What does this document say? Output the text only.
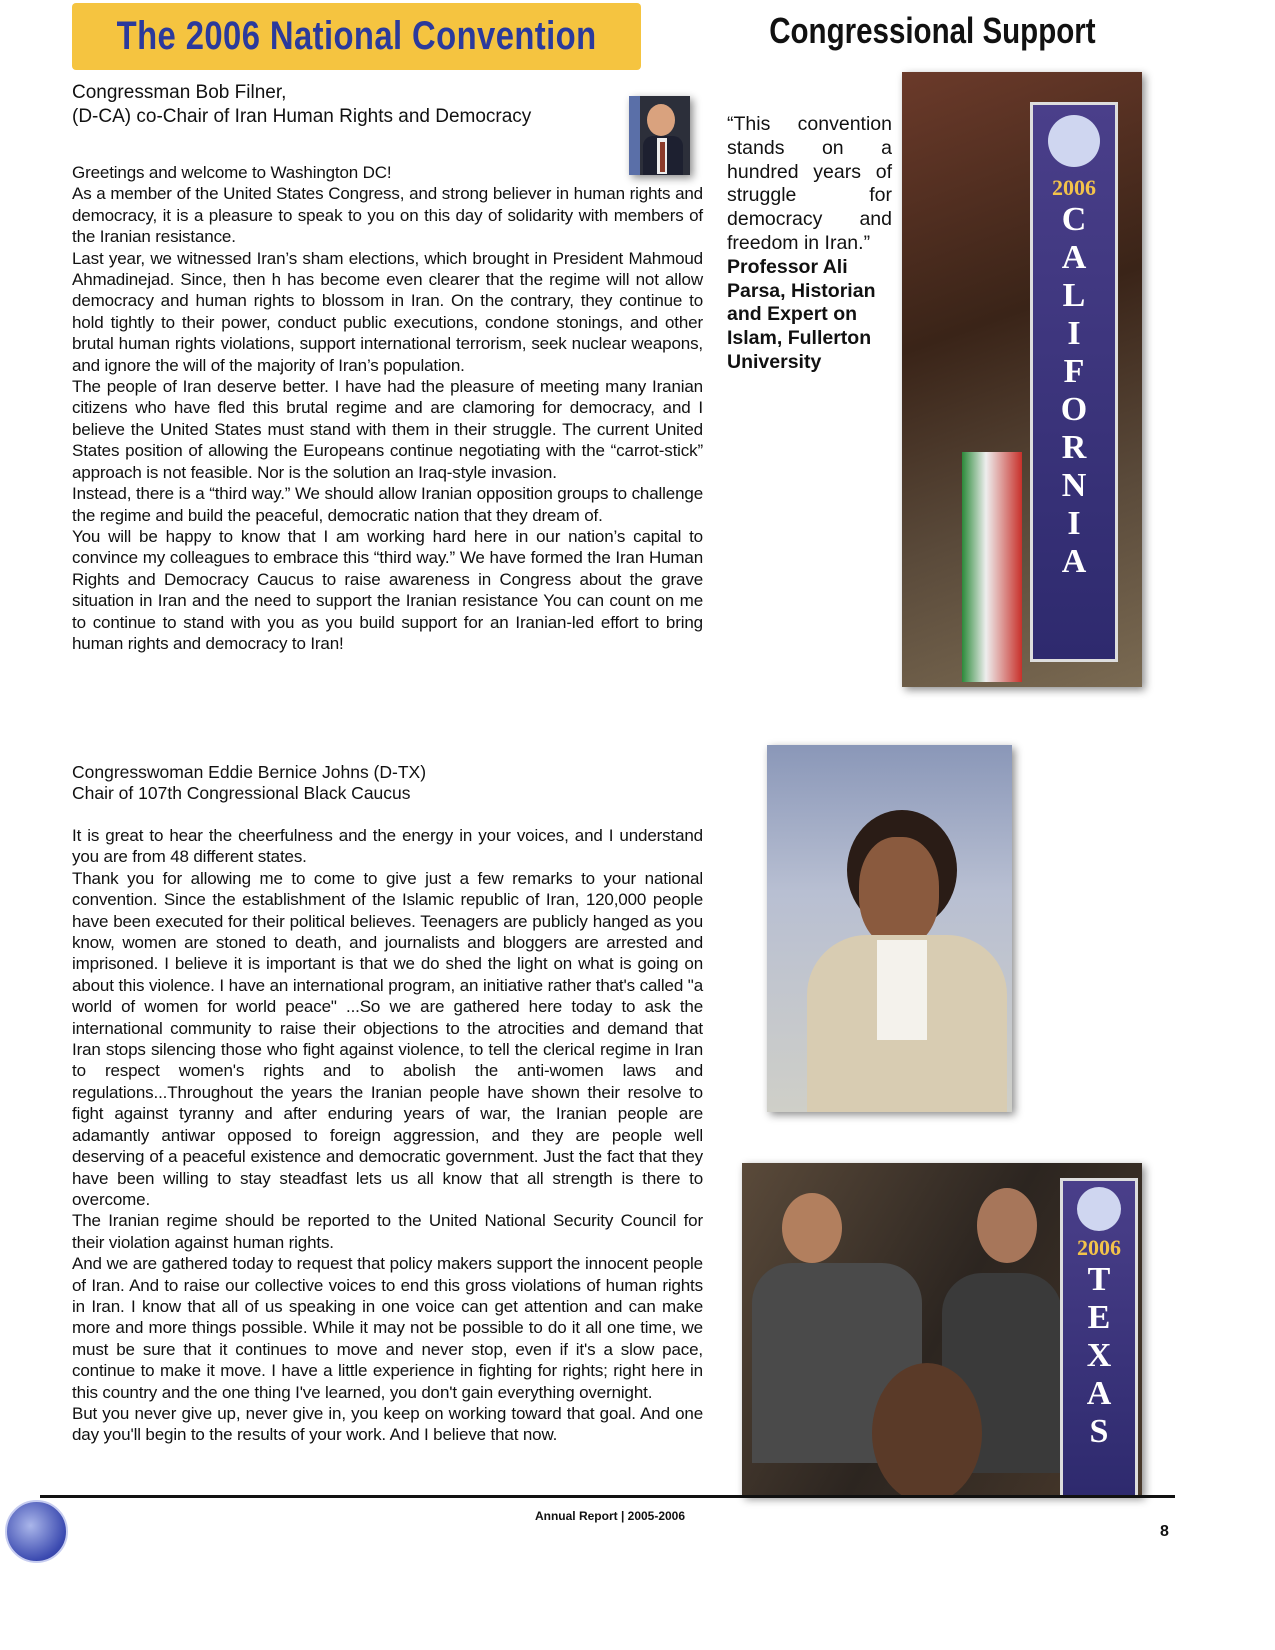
The 2006 National Convention	Congressional Support
Congressman Bob Filner,
(D-CA) co-Chair of Iran Human Rights and Democracy

Greetings and welcome to Washington DC!

As a member of the United States Congress, and strong believer in human rights and democracy, it is a pleasure to speak to you on this day of solidarity with members of the Iranian resistance.

Last year, we witnessed Iran’s sham elections, which brought in President Mahmoud Ahmadinejad. Since, then h has become even clearer that the regime will not allow democracy and human rights to blossom in Iran. On the contrary, they continue to hold tightly to their power, conduct public executions, condone stonings, and other brutal human rights violations, support international terrorism, seek nuclear weapons, and ignore the will of the majority of Iran’s population.

The people of Iran deserve better. I have had the pleasure of meeting many Iranian citizens who have fled this brutal regime and are clamoring for democracy, and I believe the United States must stand with them in their struggle. The current United States position of allowing the Europeans continue negotiating with the “carrot-stick” approach is not feasible. Nor is the solution an Iraq-style invasion.

Instead, there is a “third way.” We should allow Iranian opposition groups to challenge the regime and build the peaceful, democratic nation that they dream of.

You will be happy to know that I am working hard here in our nation’s capital to convince my colleagues to embrace this “third way.” We have formed the Iran Human Rights and Democracy Caucus to raise awareness in Congress about the grave situation in Iran and the need to support the Iranian resistance You can count on me to continue to stand with you as you build support for an Iranian-led effort to bring human rights and democracy to Iran!

“This convention stands on a hundred years of struggle for democracy and freedom in Iran.”
Professor Ali Parsa, Historian and Expert on Islam, Fullerton University
2006
C
A
L
I
F
O
R
N
I
A
Congresswoman Eddie Bernice Johns (D-TX)
Chair of 107th Congressional Black Caucus

It is great to hear the cheerfulness and the energy in your voices, and I understand you are from 48 different states.

Thank you for allowing me to come to give just a few remarks to your national convention. Since the establishment of the Islamic republic of Iran, 120,000 people have been executed for their political believes. Teenagers are publicly hanged as you know, women are stoned to death, and journalists and bloggers are arrested and imprisoned. I believe it is important is that we do shed the light on what is going on about this violence. I have an international program, an initiative rather that's called "a world of women for world peace" ...So we are gathered here today to ask the international community to raise their objections to the atrocities and demand that Iran stops silencing those who fight against violence, to tell the clerical regime in Iran to respect women's rights and to abolish the anti-women laws and regulations...Throughout the years the Iranian people have shown their resolve to fight against tyranny and after enduring years of war, the Iranian people are adamantly antiwar opposed to foreign aggression, and they are people well deserving of a peaceful existence and democratic government. Just the fact that they have been willing to stay steadfast lets us all know that all strength is there to overcome.

The Iranian regime should be reported to the United National Security Council for their violation against human rights.

And we are gathered today to request that policy makers support the innocent people of Iran. And to raise our collective voices to end this gross violations of human rights in Iran. I know that all of us speaking in one voice can get attention and can make more and more things possible. While it may not be possible to do it all one time, we must be sure that it continues to move and never stop, even if it's a slow pace, continue to make it move. I have a little experience in fighting for rights; right here in this country and the one thing I've learned, you don't gain everything overnight.

But you never give up, never give in, you keep on working toward that goal. And one day you'll begin to the results of your work. And I believe that now.

2006
T
E
X
A
S
Annual Report | 2005-2006
8
